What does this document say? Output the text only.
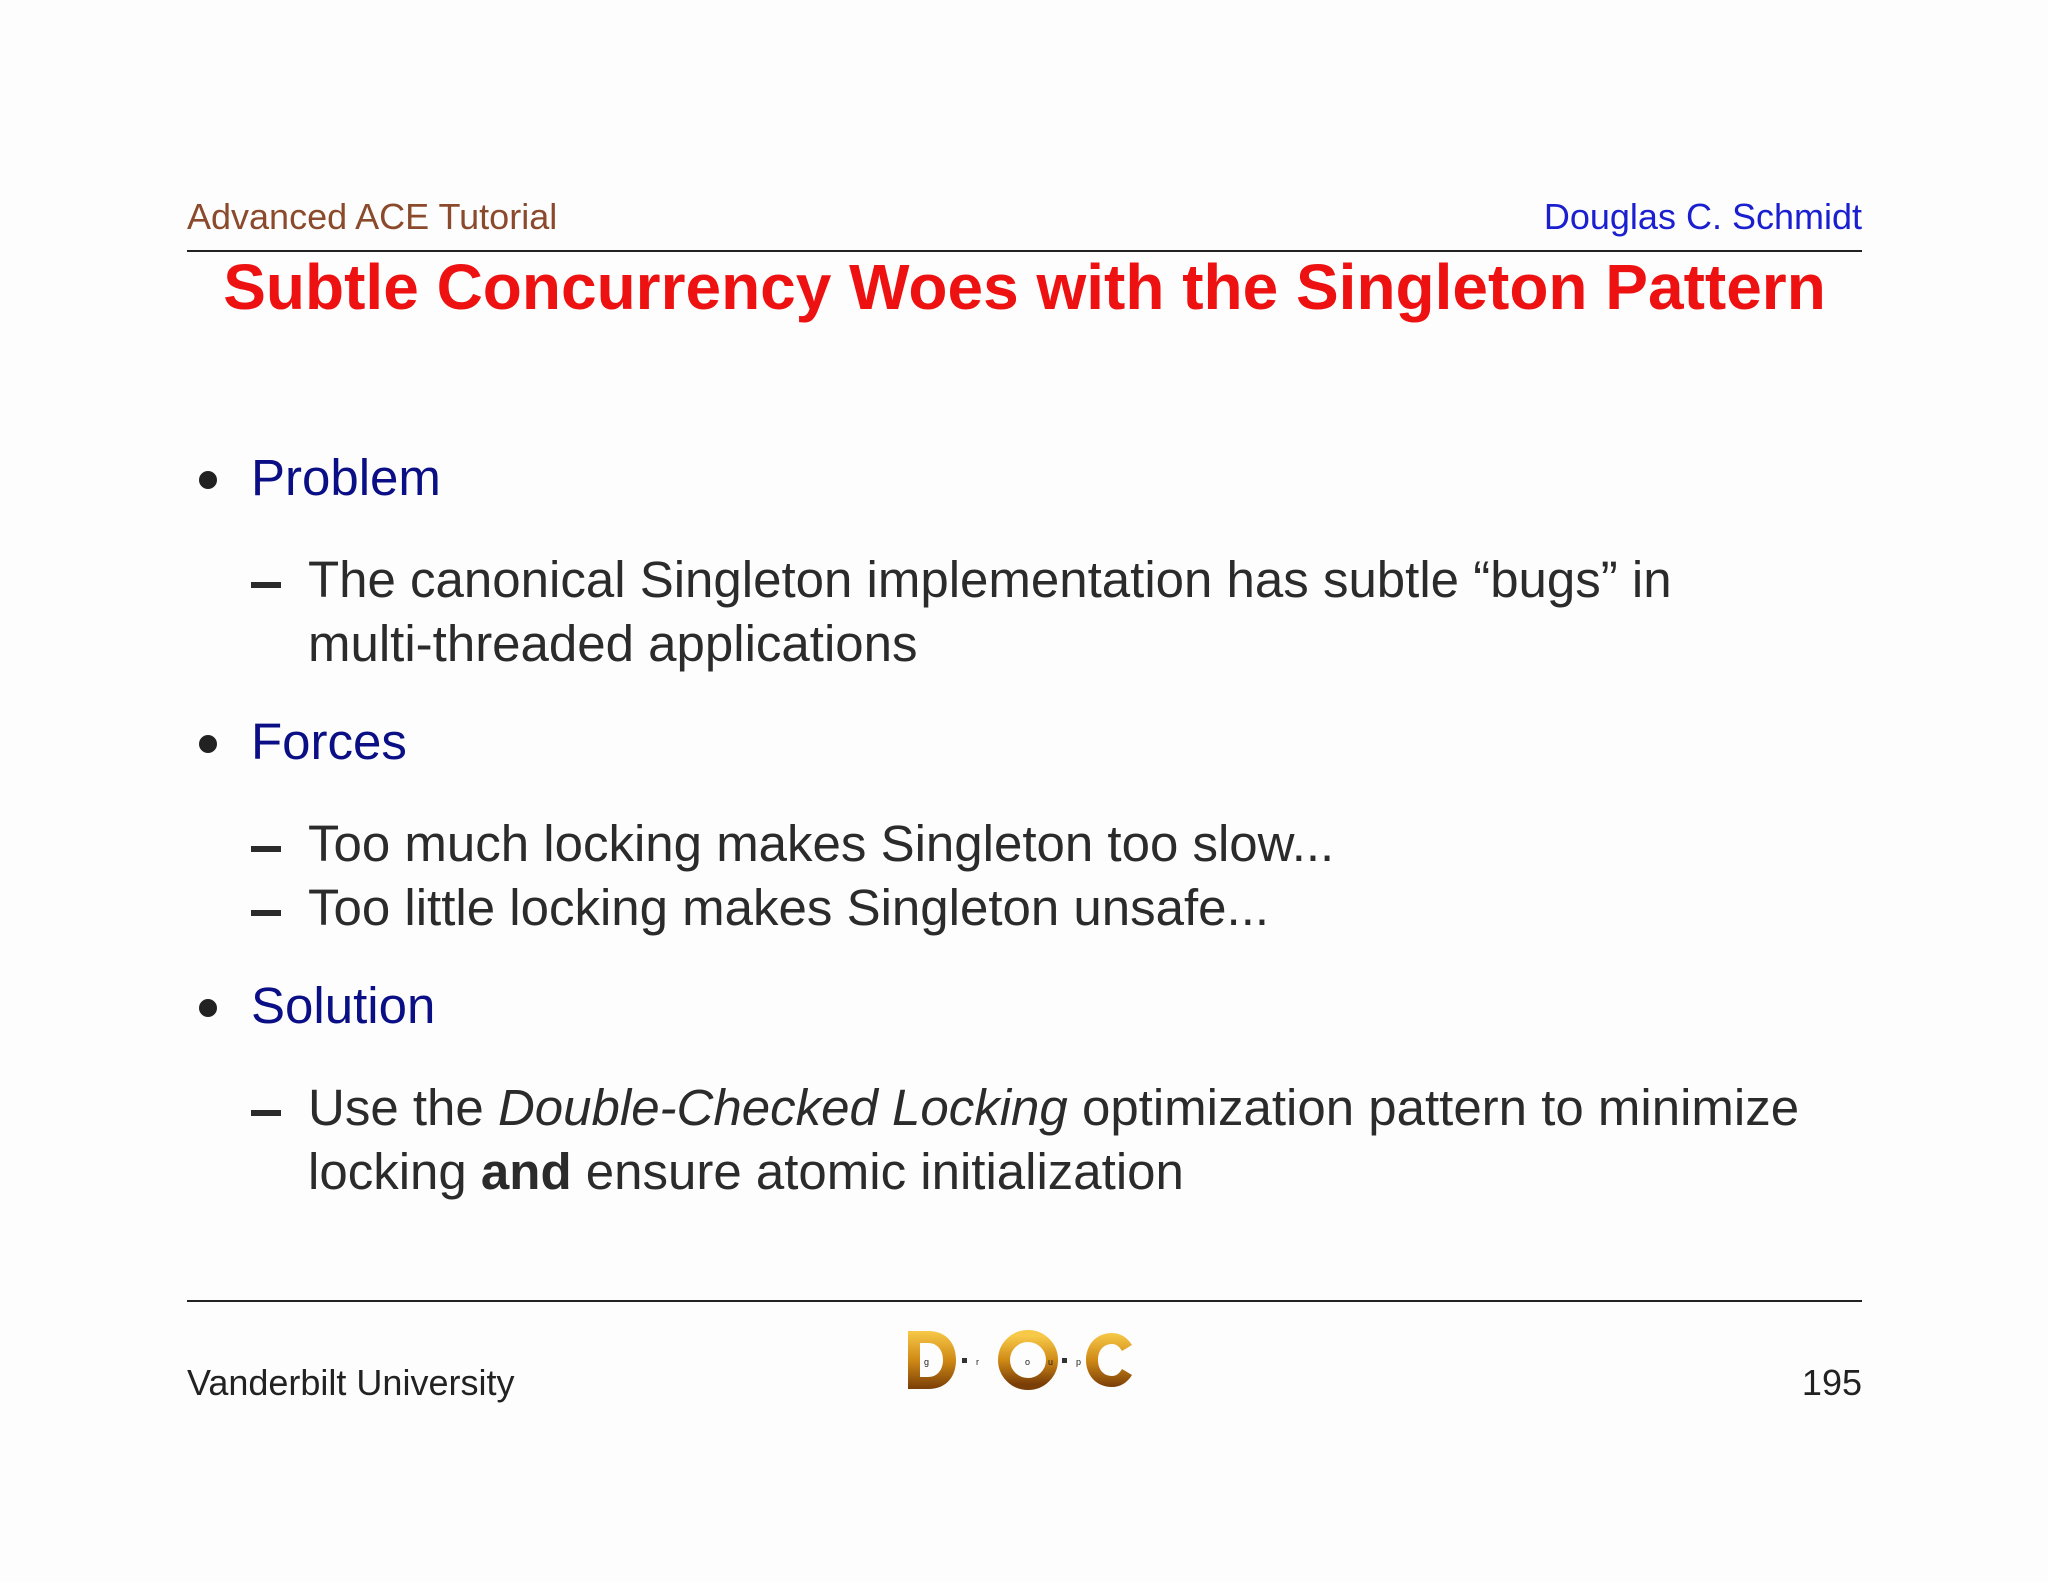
Advanced ACE Tutorial	Douglas C. Schmidt
Subtle Concurrency Woes with the Singleton Pattern
Problem
The canonical Singleton implementation has subtle “bugs” in
multi-threaded applications
Forces
Too much locking makes Singleton too slow...
Too little locking makes Singleton unsafe...
Solution
Use the Double-Checked Locking optimization pattern to minimize
locking and ensure atomic initialization
Vanderbilt University	195
g	r	o u	p
